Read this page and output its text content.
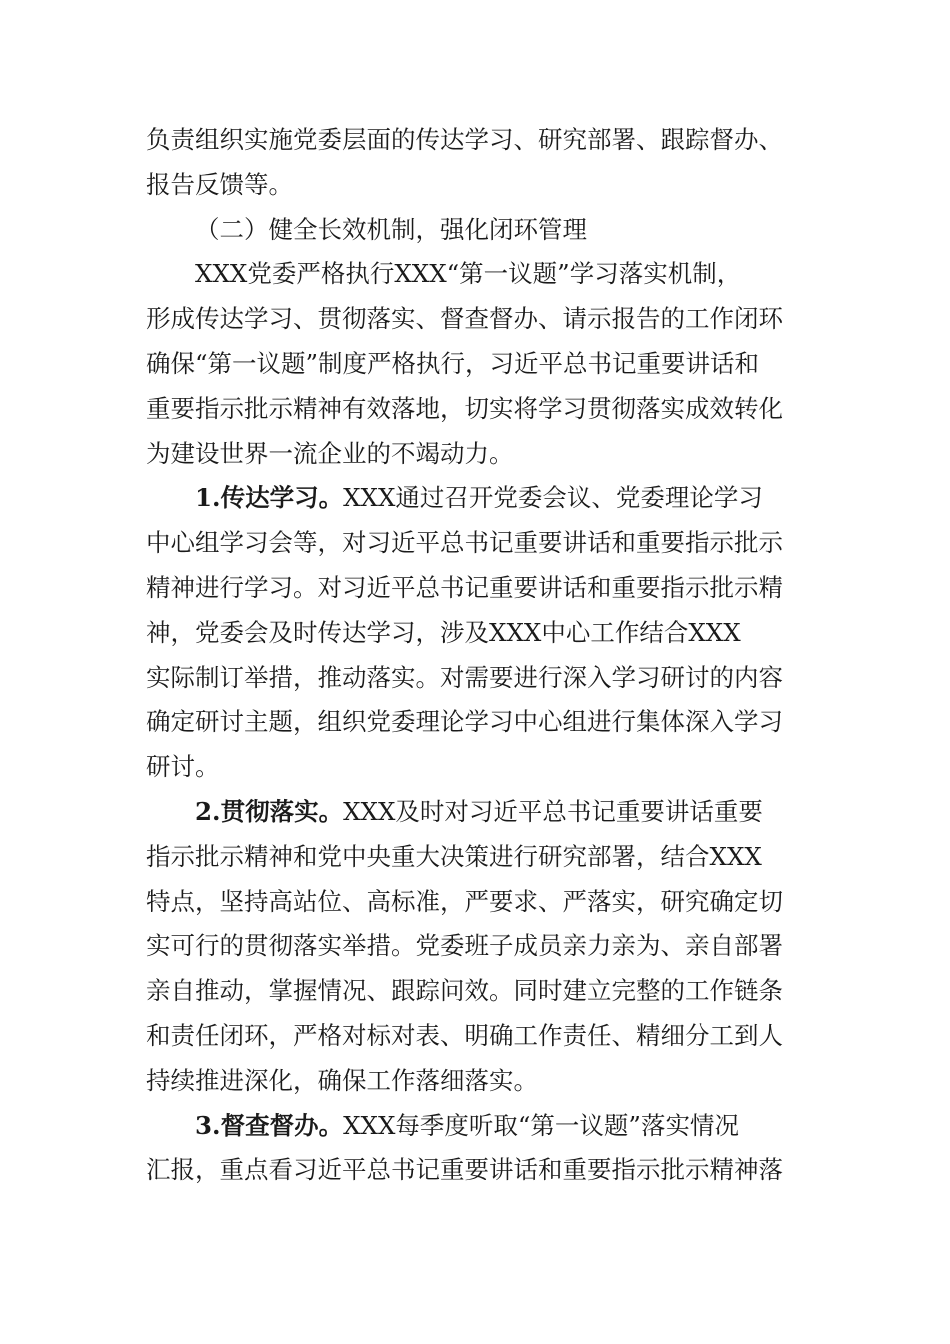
负责组织实施党委层面的传达学习、研究部署、跟踪督办、
报告反馈等。
（二）健全长效机制，强化闭环管理
XXX党委严格执行XXX“第一议题”学习落实机制，
形成传达学习、贯彻落实、督查督办、请示报告的工作闭环
确保“第一议题”制度严格执行，习近平总书记重要讲话和
重要指示批示精神有效落地，切实将学习贯彻落实成效转化
为建设世界一流企业的不竭动力。
1.传达学习。XXX通过召开党委会议、党委理论学习
中心组学习会等，对习近平总书记重要讲话和重要指示批示
精神进行学习。对习近平总书记重要讲话和重要指示批示精
神，党委会及时传达学习，涉及XXX中心工作结合XXX
实际制订举措，推动落实。对需要进行深入学习研讨的内容
确定研讨主题，组织党委理论学习中心组进行集体深入学习
研讨。
2.贯彻落实。XXX及时对习近平总书记重要讲话重要
指示批示精神和党中央重大决策进行研究部署，结合XXX
特点，坚持高站位、高标准，严要求、严落实，研究确定切
实可行的贯彻落实举措。党委班子成员亲力亲为、亲自部署
亲自推动，掌握情况、跟踪问效。同时建立完整的工作链条
和责任闭环，严格对标对表、明确工作责任、精细分工到人
持续推进深化，确保工作落细落实。
3.督查督办。XXX每季度听取“第一议题”落实情况
汇报，重点看习近平总书记重要讲话和重要指示批示精神落
